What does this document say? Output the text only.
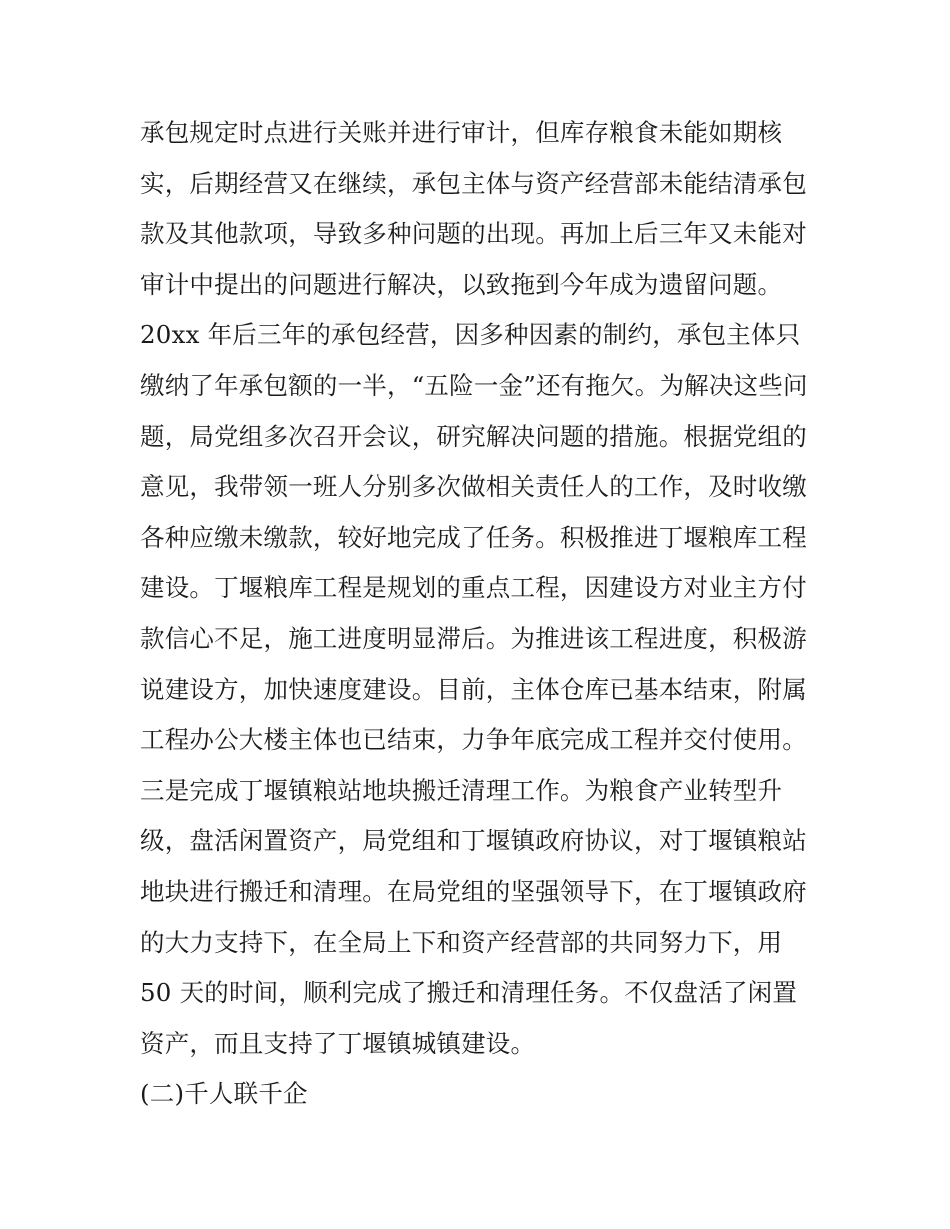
承包规定时点进行关账并进行审计，但库存粮食未能如期核
实，后期经营又在继续，承包主体与资产经营部未能结清承包
款及其他款项，导致多种问题的出现。再加上后三年又未能对
审计中提出的问题进行解决，以致拖到今年成为遗留问题。
20xx 年后三年的承包经营，因多种因素的制约，承包主体只
缴纳了年承包额的一半，“五险一金”还有拖欠。为解决这些问
题，局党组多次召开会议，研究解决问题的措施。根据党组的
意见，我带领一班人分别多次做相关责任人的工作，及时收缴
各种应缴未缴款，较好地完成了任务。积极推进丁堰粮库工程
建设。丁堰粮库工程是规划的重点工程，因建设方对业主方付
款信心不足，施工进度明显滞后。为推进该工程进度，积极游
说建设方，加快速度建设。目前，主体仓库已基本结束，附属
工程办公大楼主体也已结束，力争年底完成工程并交付使用。
三是完成丁堰镇粮站地块搬迁清理工作。为粮食产业转型升
级，盘活闲置资产，局党组和丁堰镇政府协议，对丁堰镇粮站
地块进行搬迁和清理。在局党组的坚强领导下，在丁堰镇政府
的大力支持下，在全局上下和资产经营部的共同努力下，用
50 天的时间，顺利完成了搬迁和清理任务。不仅盘活了闲置
资产，而且支持了丁堰镇城镇建设。
(二)千人联千企
